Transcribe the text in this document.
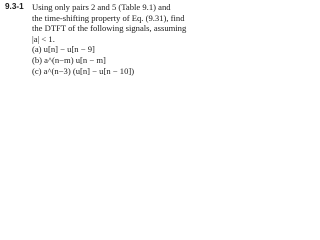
9.3-1 Using only pairs 2 and 5 (Table 9.1) and
the time-shifting property of Eq. (9.31), find
the DTFT of the following signals, assuming
|a| < 1.
(a) u[n] − u[n − 9]
(b) a^(n−m) u[n − m]
(c) a^(n−3) (u[n] − u[n − 10])
